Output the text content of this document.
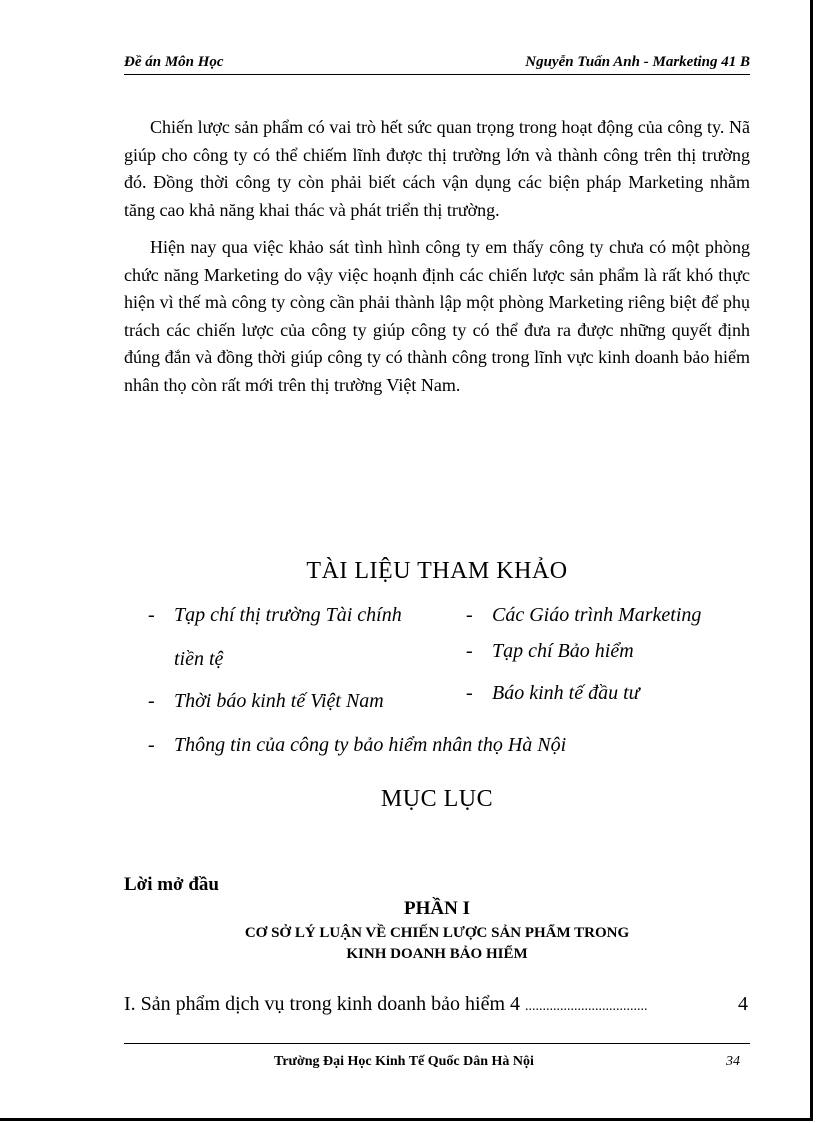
Đề án Môn Học	Nguyễn Tuấn Anh - Marketing 41 B

Chiến lược sản phẩm có vai trò hết sức quan trọng trong hoạt động của công ty. Nã giúp cho công ty có thể chiếm lĩnh được thị trường lớn và thành công trên thị trường đó. Đồng thời công ty còn phải biết cách vận dụng các biện pháp Marketing nhằm tăng cao khả năng khai thác và phát triển thị trường.

Hiện nay qua việc khảo sát tình hình công ty em thấy công ty chưa có một phòng chức năng Marketing do vậy việc hoạnh định các chiến lược sản phẩm là rất khó thực hiện vì thế mà công ty còng cần phải thành lập một phòng Marketing riêng biệt để phụ trách các chiến lược của công ty giúp công ty có thể đưa ra được những quyết định đúng đắn và đồng thời giúp công ty có thành công trong lĩnh vực kinh doanh bảo hiểm nhân thọ còn rất mới trên thị trường Việt Nam.

TÀI LIỆU THAM KHẢO
- Tạp chí thị trường Tài chính
tiền tệ
- Thời báo kinh tế Việt Nam
- Thông tin của công ty bảo hiểm nhân thọ Hà Nội
- Các Giáo trình Marketing
- Tạp chí Bảo hiểm
- Báo kinh tế đầu tư
MỤC LỤC
Lời mở đầu
PHẦN I
CƠ SỞ LÝ LUẬN VỀ CHIẾN LƯỢC SẢN PHẨM TRONG
KINH DOANH BẢO HIỂM
I. Sản phẩm dịch vụ trong kinh doanh bảo hiểm 4 ...................................	4
Trường Đại Học Kinh Tế Quốc Dân Hà Nội	34
